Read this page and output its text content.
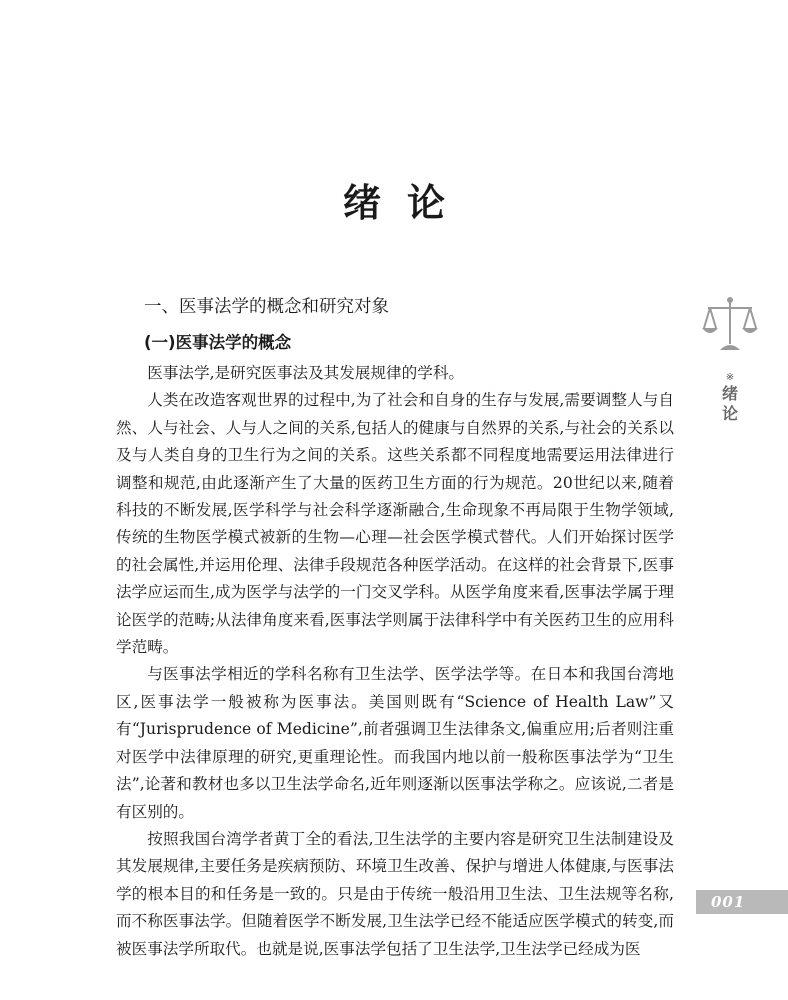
绪论
一、医事法学的概念和研究对象
(一)医事法学的概念

医事法学,是研究医事法及其发展规律的学科。

人类在改造客观世界的过程中,为了社会和自身的生存与发展,需要调整人与自然、人与社会、人与人之间的关系,包括人的健康与自然界的关系,与社会的关系以及与人类自身的卫生行为之间的关系。这些关系都不同程度地需要运用法律进行调整和规范,由此逐渐产生了大量的医药卫生方面的行为规范。20世纪以来,随着科技的不断发展,医学科学与社会科学逐渐融合,生命现象不再局限于生物学领域,传统的生物医学模式被新的生物—心理—社会医学模式替代。人们开始探讨医学的社会属性,并运用伦理、法律手段规范各种医学活动。在这样的社会背景下,医事法学应运而生,成为医学与法学的一门交叉学科。从医学角度来看,医事法学属于理论医学的范畴;从法律角度来看,医事法学则属于法律科学中有关医药卫生的应用科学范畴。

与医事法学相近的学科名称有卫生法学、医学法学等。在日本和我国台湾地区,医事法学一般被称为医事法。美国则既有“Science of Health Law”又有“Jurisprudence of Medicine”,前者强调卫生法律条文,偏重应用;后者则注重对医学中法律原理的研究,更重理论性。而我国内地以前一般称医事法学为“卫生法”,论著和教材也多以卫生法学命名,近年则逐渐以医事法学称之。应该说,二者是有区别的。

按照我国台湾学者黄丁全的看法,卫生法学的主要内容是研究卫生法制建设及其发展规律,主要任务是疾病预防、环境卫生改善、保护与增进人体健康,与医事法学的根本目的和任务是一致的。只是由于传统一般沿用卫生法、卫生法规等名称,而不称医事法学。但随着医学不断发展,卫生法学已经不能适应医学模式的转变,而被医事法学所取代。也就是说,医事法学包括了卫生法学,卫生法学已经成为医

※
绪
论
001
